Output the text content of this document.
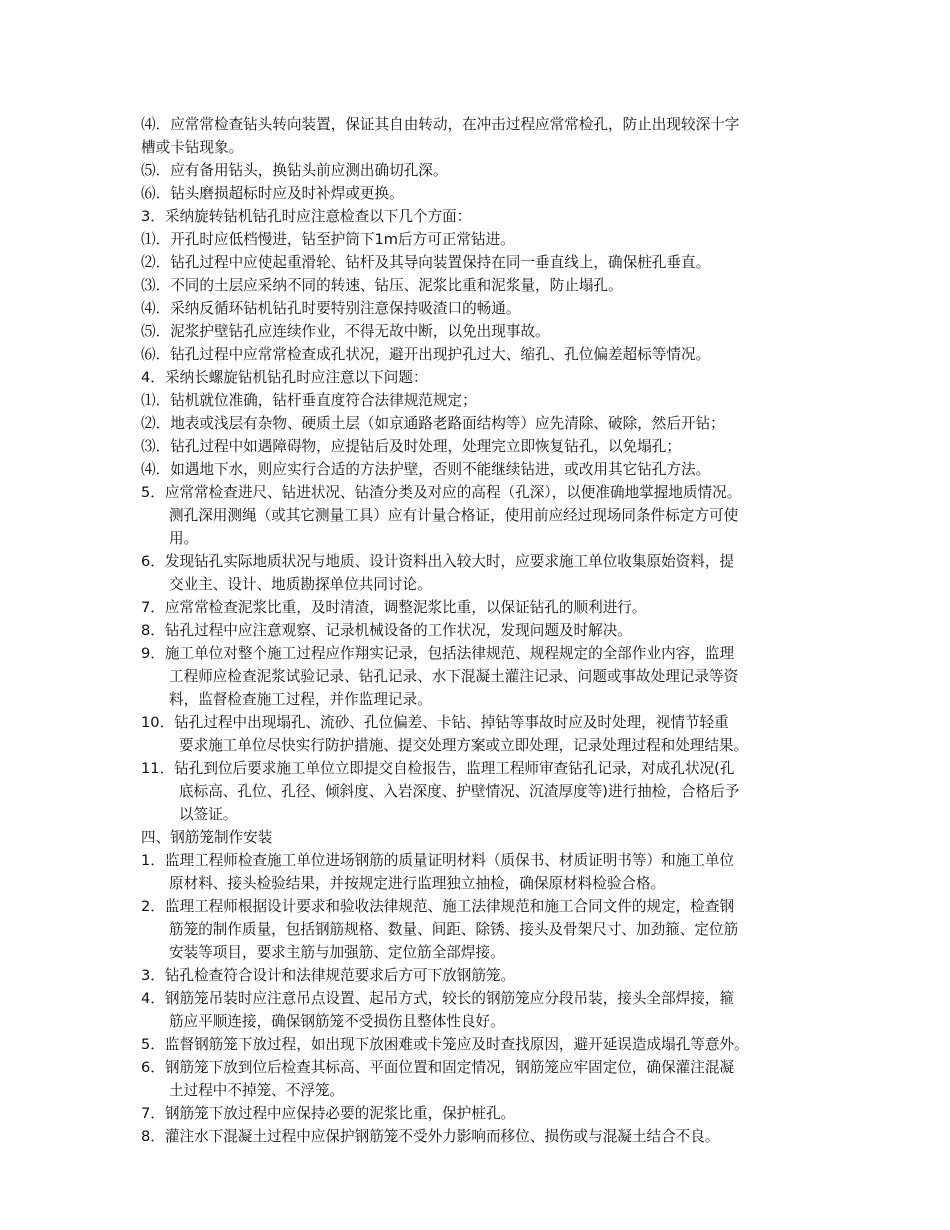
⑷．应常常检查钻头转向装置，保证其自由转动，在冲击过程应常常检孔，防止出现较深十字
槽或卡钻现象。
⑸．应有备用钻头，换钻头前应测出确切孔深。
⑹．钻头磨损超标时应及时补焊或更换。
3．采纳旋转钻机钻孔时应注意检查以下几个方面：
⑴．开孔时应低档慢进，钻至护筒下1m后方可正常钻进。
⑵．钻孔过程中应使起重滑轮、钻杆及其导向装置保持在同一垂直线上，确保桩孔垂直。
⑶．不同的土层应采纳不同的转速、钻压、泥浆比重和泥浆量，防止塌孔。
⑷．采纳反循环钻机钻孔时要特别注意保持吸渣口的畅通。
⑸．泥浆护壁钻孔应连续作业，不得无故中断，以免出现事故。
⑹．钻孔过程中应常常检查成孔状况，避开出现护孔过大、缩孔、孔位偏差超标等情况。
4．采纳长螺旋钻机钻孔时应注意以下问题：
⑴．钻机就位准确，钻杆垂直度符合法律规范规定；
⑵．地表或浅层有杂物、硬质土层（如京通路老路面结构等）应先清除、破除，然后开钻；
⑶．钻孔过程中如遇障碍物，应提钻后及时处理，处理完立即恢复钻孔，以免塌孔；
⑷．如遇地下水，则应实行合适的方法护壁，否则不能继续钻进，或改用其它钻孔方法。
5．应常常检查进尺、钻进状况、钻渣分类及对应的高程（孔深），以便准确地掌握地质情况。
测孔深用测绳（或其它测量工具）应有计量合格证，使用前应经过现场同条件标定方可使
用。
6．发现钻孔实际地质状况与地质、设计资料出入较大时，应要求施工单位收集原始资料，提
交业主、设计、地质勘探单位共同讨论。
7．应常常检查泥浆比重，及时清渣，调整泥浆比重，以保证钻孔的顺利进行。
8．钻孔过程中应注意观察、记录机械设备的工作状况，发现问题及时解决。
9．施工单位对整个施工过程应作翔实记录，包括法律规范、规程规定的全部作业内容，监理
工程师应检查泥浆试验记录、钻孔记录、水下混凝土灌注记录、问题或事故处理记录等资
料，监督检查施工过程，并作监理记录。
10．钻孔过程中出现塌孔、流砂、孔位偏差、卡钻、掉钻等事故时应及时处理，视情节轻重
要求施工单位尽快实行防护措施、提交处理方案或立即处理，记录处理过程和处理结果。
11．钻孔到位后要求施工单位立即提交自检报告，监理工程师审查钻孔记录，对成孔状况(孔
底标高、孔位、孔径、倾斜度、入岩深度、护壁情况、沉渣厚度等)进行抽检，合格后予
以签证。
四、钢筋笼制作安装
1．监理工程师检查施工单位进场钢筋的质量证明材料（质保书、材质证明书等）和施工单位
原材料、接头检验结果，并按规定进行监理独立抽检，确保原材料检验合格。
2．监理工程师根据设计要求和验收法律规范、施工法律规范和施工合同文件的规定，检查钢
筋笼的制作质量，包括钢筋规格、数量、间距、除锈、接头及骨架尺寸、加劲箍、定位筋
安装等项目，要求主筋与加强筋、定位筋全部焊接。
3．钻孔检查符合设计和法律规范要求后方可下放钢筋笼。
4．钢筋笼吊装时应注意吊点设置、起吊方式，较长的钢筋笼应分段吊装，接头全部焊接，箍
筋应平顺连接，确保钢筋笼不受损伤且整体性良好。
5．监督钢筋笼下放过程，如出现下放困难或卡笼应及时查找原因，避开延误造成塌孔等意外。
6．钢筋笼下放到位后检查其标高、平面位置和固定情况，钢筋笼应牢固定位，确保灌注混凝
土过程中不掉笼、不浮笼。
7．钢筋笼下放过程中应保持必要的泥浆比重，保护桩孔。
8．灌注水下混凝土过程中应保护钢筋笼不受外力影响而移位、损伤或与混凝土结合不良。
